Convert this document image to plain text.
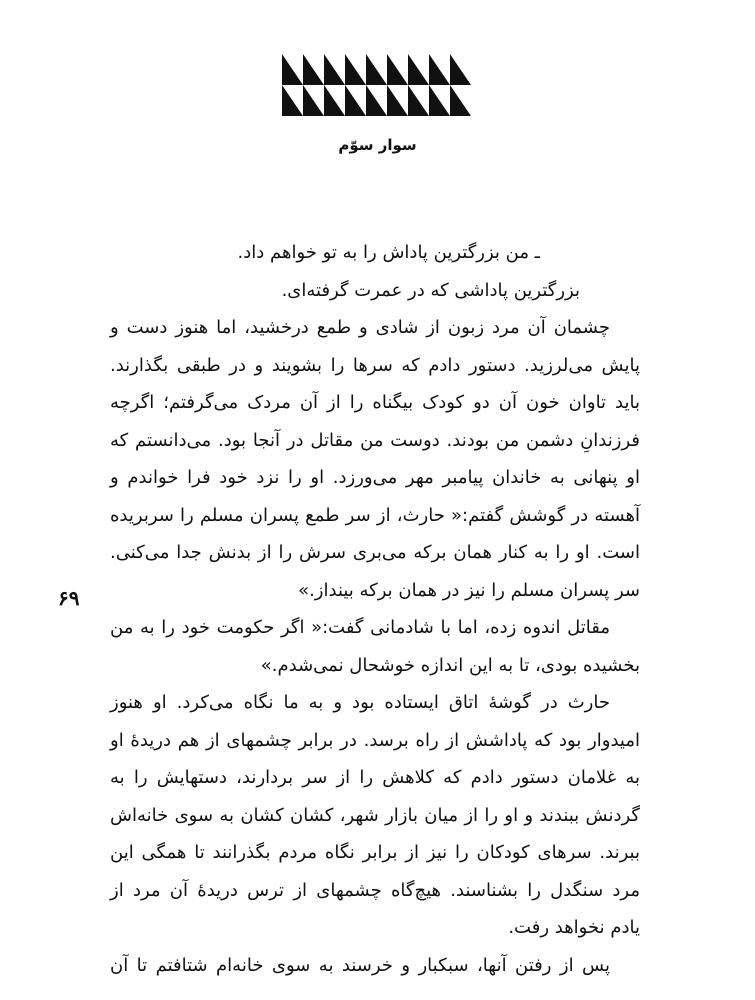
سوار سوّم
۶۹
ـ من بزرگترین پاداش را به تو خواهم داد.
بزرگترین پاداشی که در عمرت گرفته‌ای.
چشمان آن مرد زبون از شادی و طمع درخشید، اما هنوز دست و
پایش می‌لرزید. دستور دادم که سرها را بشویند و در طبقی بگذارند.
باید تاوان خون آن دو کودک بیگناه را از آن مردک می‌گرفتم؛ اگرچه
فرزندانِ دشمن من بودند. دوست من مقاتل در آنجا بود. می‌دانستم که
او پنهانی به خاندان پیامبر مهر می‌ورزد. او را نزد خود فرا خواندم و
آهسته در گوشش گفتم:« حارث، از سر طمع پسران مسلم را سربریده
است. او را به کنار همان برکه می‌بری سرش را از بدنش جدا می‌کنی.
سر پسران مسلم را نیز در همان برکه بینداز.»
مقاتل اندوه زده، اما با شادمانی گفت:« اگر حکومت خود را به من
بخشیده بودی، تا به این اندازه خوشحال نمی‌شدم.»
حارث در گوشهٔ اتاق ایستاده بود و به ما نگاه می‌کرد. او هنوز
امیدوار بود که پاداشش از راه برسد. در برابر چشمهای از هم دریدهٔ او
به غلامان دستور دادم که کلاهش را از سر بردارند، دستهایش را به
گردنش ببندند و او را از میان بازار شهر، کشان کشان به سوی خانه‌اش
ببرند. سرهای کودکان را نیز از برابر نگاه مردم بگذرانند تا همگی این
مرد سنگدل را بشناسند. هیچ‌گاه چشمهای از ترس دریدهٔ آن مرد از
یادم نخواهد رفت.
پس از رفتن آنها، سبکبار و خرسند به سوی خانه‌ام شتافتم تا آن
